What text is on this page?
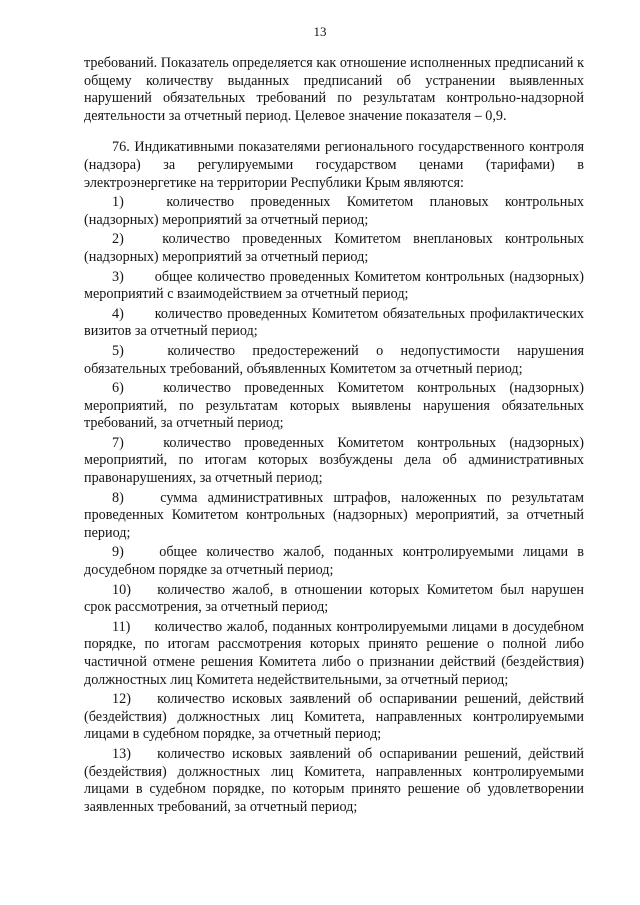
13

требований. Показатель определяется как отношение исполненных предписаний к общему количеству выданных предписаний об устранении выявленных нарушений обязательных требований по результатам контрольно-надзорной деятельности за отчетный период. Целевое значение показателя – 0,9.

76. Индикативными показателями регионального государственного контроля (надзора) за регулируемыми государством ценами (тарифами) в электроэнергетике на территории Республики Крым являются:

1)	количество проведенных Комитетом плановых контрольных (надзорных) мероприятий за отчетный период;

2)	количество проведенных Комитетом внеплановых контрольных (надзорных) мероприятий за отчетный период;

3) общее количество проведенных Комитетом контрольных (надзорных) мероприятий с взаимодействием за отчетный период;

4) количество проведенных Комитетом обязательных профилактических визитов за отчетный период;

5)	количество предостережений о недопустимости нарушения обязательных требований, объявленных Комитетом за отчетный период;

6)	количество проведенных Комитетом контрольных (надзорных) мероприятий, по результатам которых выявлены нарушения обязательных требований, за отчетный период;

7)	количество проведенных Комитетом контрольных (надзорных) мероприятий, по итогам которых возбуждены дела об административных правонарушениях, за отчетный период;

8)	сумма административных штрафов, наложенных по результатам проведенных Комитетом контрольных (надзорных) мероприятий, за отчетный период;

9) общее количество жалоб, поданных контролируемыми лицами в досудебном порядке за отчетный период;

10) количество жалоб, в отношении которых Комитетом был нарушен срок рассмотрения, за отчетный период;

11) количество жалоб, поданных контролируемыми лицами в досудебном порядке, по итогам рассмотрения которых принято решение о полной либо частичной отмене решения Комитета либо о признании действий (бездействия) должностных лиц Комитета недействительными, за отчетный период;

12) количество исковых заявлений об оспаривании решений, действий (бездействия) должностных лиц Комитета, направленных контролируемыми лицами в судебном порядке, за отчетный период;

13) количество исковых заявлений об оспаривании решений, действий (бездействия) должностных лиц Комитета, направленных контролируемыми лицами в судебном порядке, по которым принято решение об удовлетворении заявленных требований, за отчетный период;
